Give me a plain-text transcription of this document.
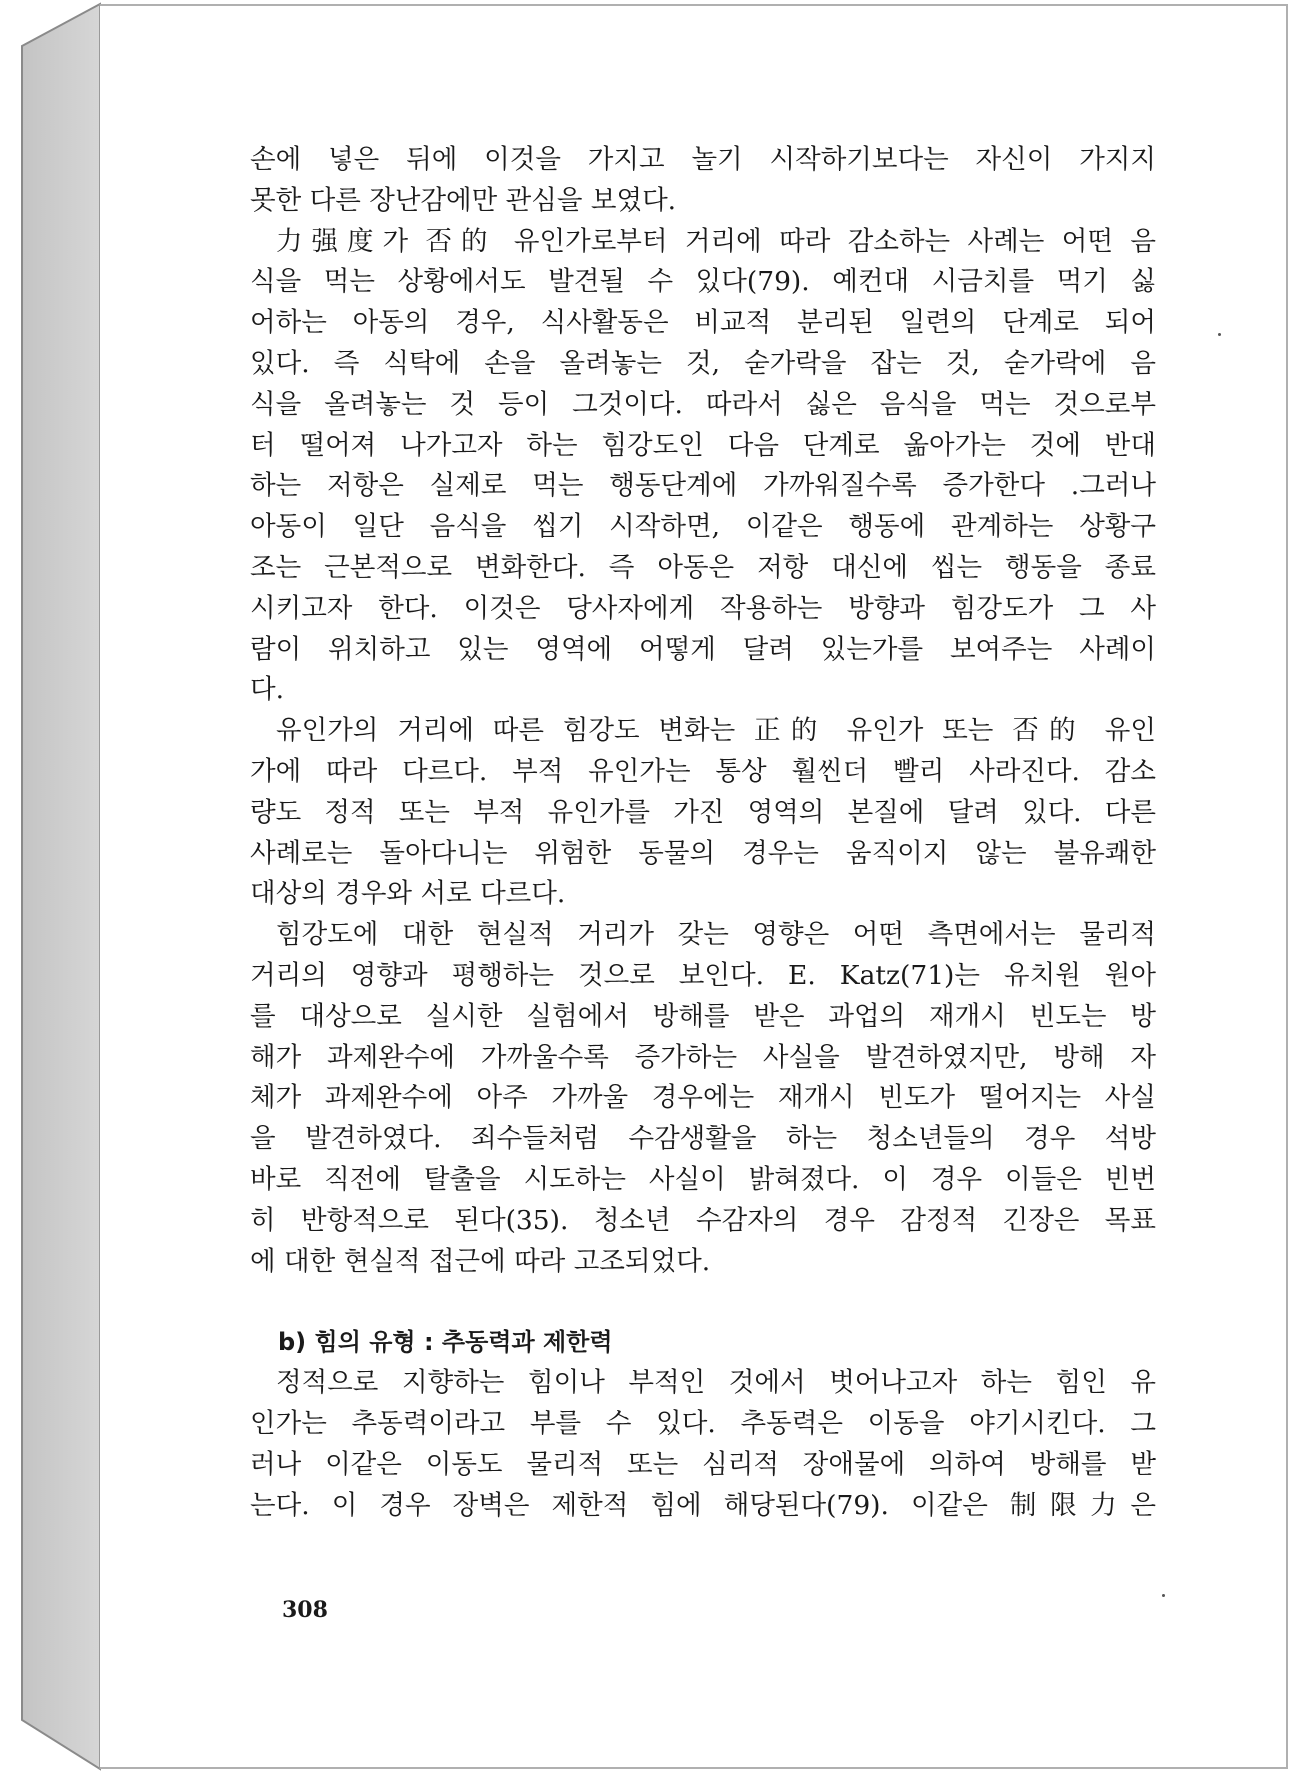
손에 넣은 뒤에 이것을 가지고 놀기 시작하기보다는 자신이 가지지
못한 다른 장난감에만 관심을 보였다.
力强度가 否的 유인가로부터 거리에 따라 감소하는 사례는 어떤 음
식을 먹는 상황에서도 발견될 수 있다(79). 예컨대 시금치를 먹기 싫
어하는 아동의 경우, 식사활동은 비교적 분리된 일련의 단계로 되어
있다. 즉 식탁에 손을 올려놓는 것, 숟가락을 잡는 것, 숟가락에 음
식을 올려놓는 것 등이 그것이다. 따라서 싫은 음식을 먹는 것으로부
터 떨어져 나가고자 하는 힘강도인 다음 단계로 옮아가는 것에 반대
하는 저항은 실제로 먹는 행동단계에 가까워질수록 증가한다 .그러나
아동이 일단 음식을 씹기 시작하면, 이같은 행동에 관계하는 상황구
조는 근본적으로 변화한다. 즉 아동은 저항 대신에 씹는 행동을 종료
시키고자 한다. 이것은 당사자에게 작용하는 방향과 힘강도가 그 사
람이 위치하고 있는 영역에 어떻게 달려 있는가를 보여주는 사례이
다.
유인가의 거리에 따른 힘강도 변화는 正的 유인가 또는 否的 유인
가에 따라 다르다. 부적 유인가는 통상 훨씬더 빨리 사라진다. 감소
량도 정적 또는 부적 유인가를 가진 영역의 본질에 달려 있다. 다른
사례로는 돌아다니는 위험한 동물의 경우는 움직이지 않는 불유쾌한
대상의 경우와 서로 다르다.
힘강도에 대한 현실적 거리가 갖는 영향은 어떤 측면에서는 물리적
거리의 영향과 평행하는 것으로 보인다. E. Katz(71)는 유치원 원아
를 대상으로 실시한 실험에서 방해를 받은 과업의 재개시 빈도는 방
해가 과제완수에 가까울수록 증가하는 사실을 발견하였지만, 방해 자
체가 과제완수에 아주 가까울 경우에는 재개시 빈도가 떨어지는 사실
을 발견하였다. 죄수들처럼 수감생활을 하는 청소년들의 경우 석방
바로 직전에 탈출을 시도하는 사실이 밝혀졌다. 이 경우 이들은 빈번
히 반항적으로 된다(35). 청소년 수감자의 경우 감정적 긴장은 목표
에 대한 현실적 접근에 따라 고조되었다.
b) 힘의 유형 : 추동력과 제한력
정적으로 지향하는 힘이나 부적인 것에서 벗어나고자 하는 힘인 유
인가는 추동력이라고 부를 수 있다. 추동력은 이동을 야기시킨다. 그
러나 이같은 이동도 물리적 또는 심리적 장애물에 의하여 방해를 받
는다. 이 경우 장벽은 제한적 힘에 해당된다(79). 이같은 制限力은
308
